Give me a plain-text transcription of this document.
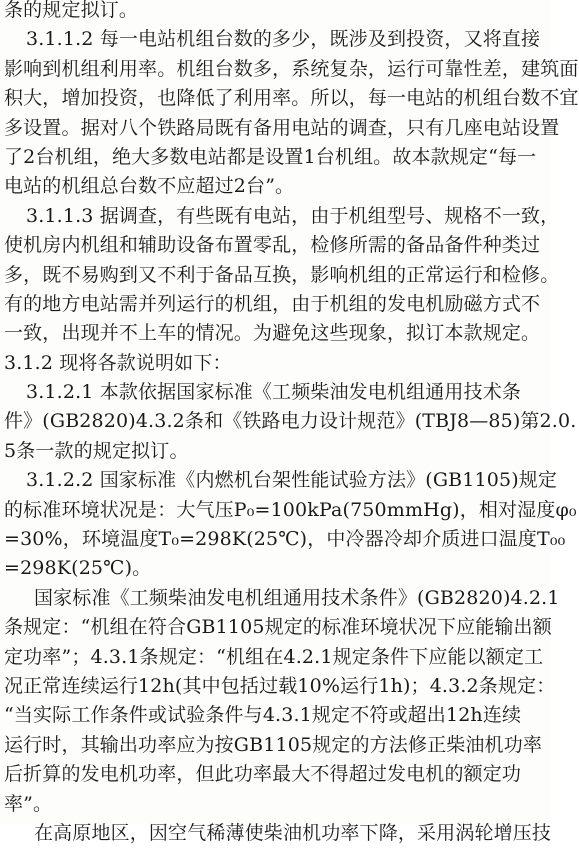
条的规定拟订。
3.1.1.2 每一电站机组台数的多少，既涉及到投资，又将直接
影响到机组利用率。机组台数多，系统复杂，运行可靠性差，建筑面
积大，增加投资，也降低了利用率。所以，每一电站的机组台数不宜
多设置。据对八个铁路局既有备用电站的调查，只有几座电站设置
了2台机组，绝大多数电站都是设置1台机组。故本款规定“每一
电站的机组总台数不应超过2台”。
3.1.1.3 据调查，有些既有电站，由于机组型号、规格不一致，
使机房内机组和辅助设备布置零乱，检修所需的备品备件种类过
多，既不易购到又不利于备品互换，影响机组的正常运行和检修。
有的地方电站需并列运行的机组，由于机组的发电机励磁方式不
一致，出现并不上车的情况。为避免这些现象，拟订本款规定。
3.1.2 现将各款说明如下：
3.1.2.1 本款依据国家标准《工频柴油发电机组通用技术条
件》(GB2820)4.3.2条和《铁路电力设计规范》(TBJ8—85)第2.0.
5条一款的规定拟订。
3.1.2.2 国家标准《内燃机台架性能试验方法》(GB1105)规定
的标准环境状况是：大气压P₀=100kPa(750mmHg)，相对湿度φ₀
=30%，环境温度T₀=298K(25℃)，中冷器冷却介质进口温度T₀₀
=298K(25℃)。
国家标准《工频柴油发电机组通用技术条件》(GB2820)4.2.1
条规定：“机组在符合GB1105规定的标准环境状况下应能输出额
定功率”；4.3.1条规定：“机组在4.2.1规定条件下应能以额定工
况正常连续运行12h(其中包括过载10%运行1h)；4.3.2条规定：
“当实际工作条件或试验条件与4.3.1规定不符或超出12h连续
运行时，其输出功率应为按GB1105规定的方法修正柴油机功率
后折算的发电机功率，但此功率最大不得超过发电机的额定功
率”。
在高原地区，因空气稀薄使柴油机功率下降，采用涡轮增压技
